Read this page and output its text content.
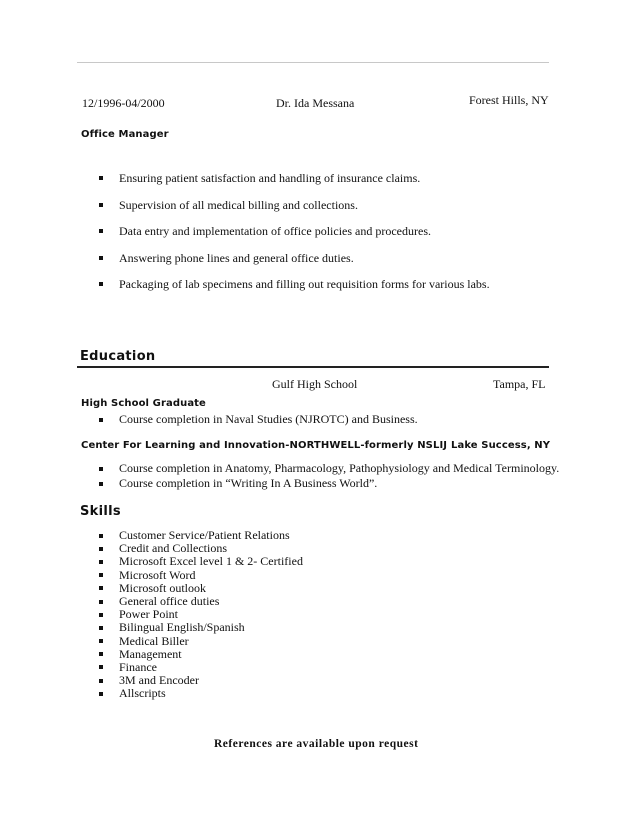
12/1996-04/2000	Dr. Ida Messana	Forest Hills, NY
Office Manager
Ensuring patient satisfaction and handling of insurance claims.
Supervision of all medical billing and collections.
Data entry and implementation of office policies and procedures.
Answering phone lines and general office duties.
Packaging of lab specimens and filling out requisition forms for various labs.
Education
Gulf High School	Tampa, FL
High School Graduate
Course completion in Naval Studies (NJROTC) and Business.
Center For Learning and Innovation-NORTHWELL-formerly NSLIJ Lake Success, NY
Course completion in Anatomy, Pharmacology, Pathophysiology and Medical Terminology.
Course completion in “Writing In A Business World”.
Skills
Customer Service/Patient Relations
Credit and Collections
Microsoft Excel level 1 & 2- Certified
Microsoft Word
Microsoft outlook
General office duties
Power Point
Bilingual English/Spanish
Medical Biller
Management
Finance
3M and Encoder
Allscripts
References are available upon request
